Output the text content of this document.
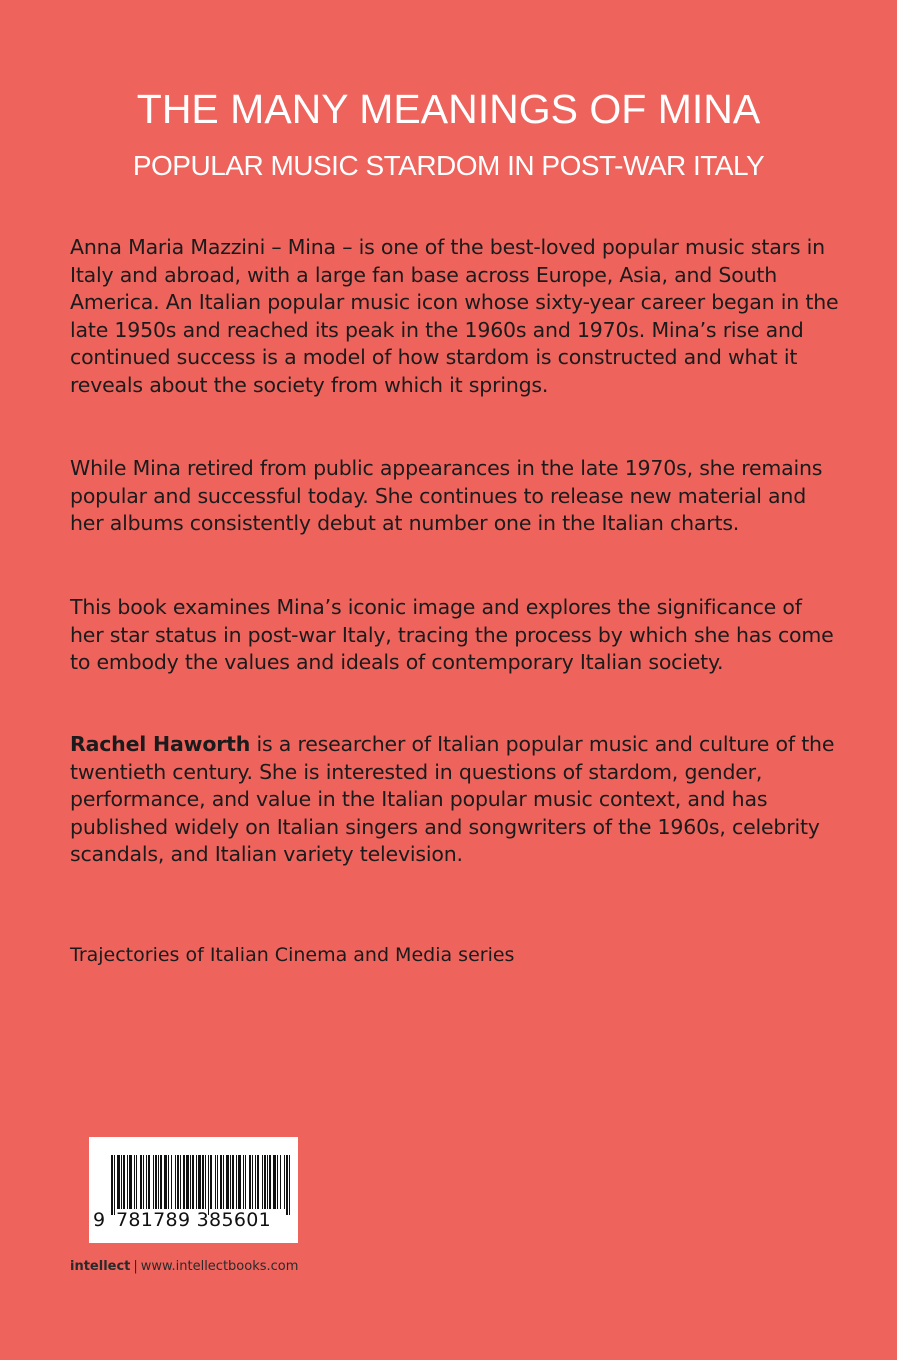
THE MANY MEANINGS OF MINA
POPULAR MUSIC STARDOM IN POST-WAR ITALY

Anna Maria Mazzini – Mina – is one of the best-loved popular music stars in Italy and abroad, with a large fan base across Europe, Asia, and South America. An Italian popular music icon whose sixty-year career began in the late 1950s and reached its peak in the 1960s and 1970s. Mina’s rise and continued success is a model of how stardom is constructed and what it reveals about the society from which it springs.

While Mina retired from public appearances in the late 1970s, she remains popular and successful today. She continues to release new material and her albums consistently debut at number one in the Italian charts.

This book examines Mina’s iconic image and explores the significance of her star status in post-war Italy, tracing the process by which she has come to embody the values and ideals of contemporary Italian society.

Rachel Haworth is a researcher of Italian popular music and culture of the twentieth century. She is interested in questions of stardom, gender, performance, and value in the Italian popular music context, and has published widely on Italian singers and songwriters of the 1960s, celebrity scandals, and Italian variety television.

Trajectories of Italian Cinema and Media series

9 781789 385601
intellect | www.intellectbooks.com
